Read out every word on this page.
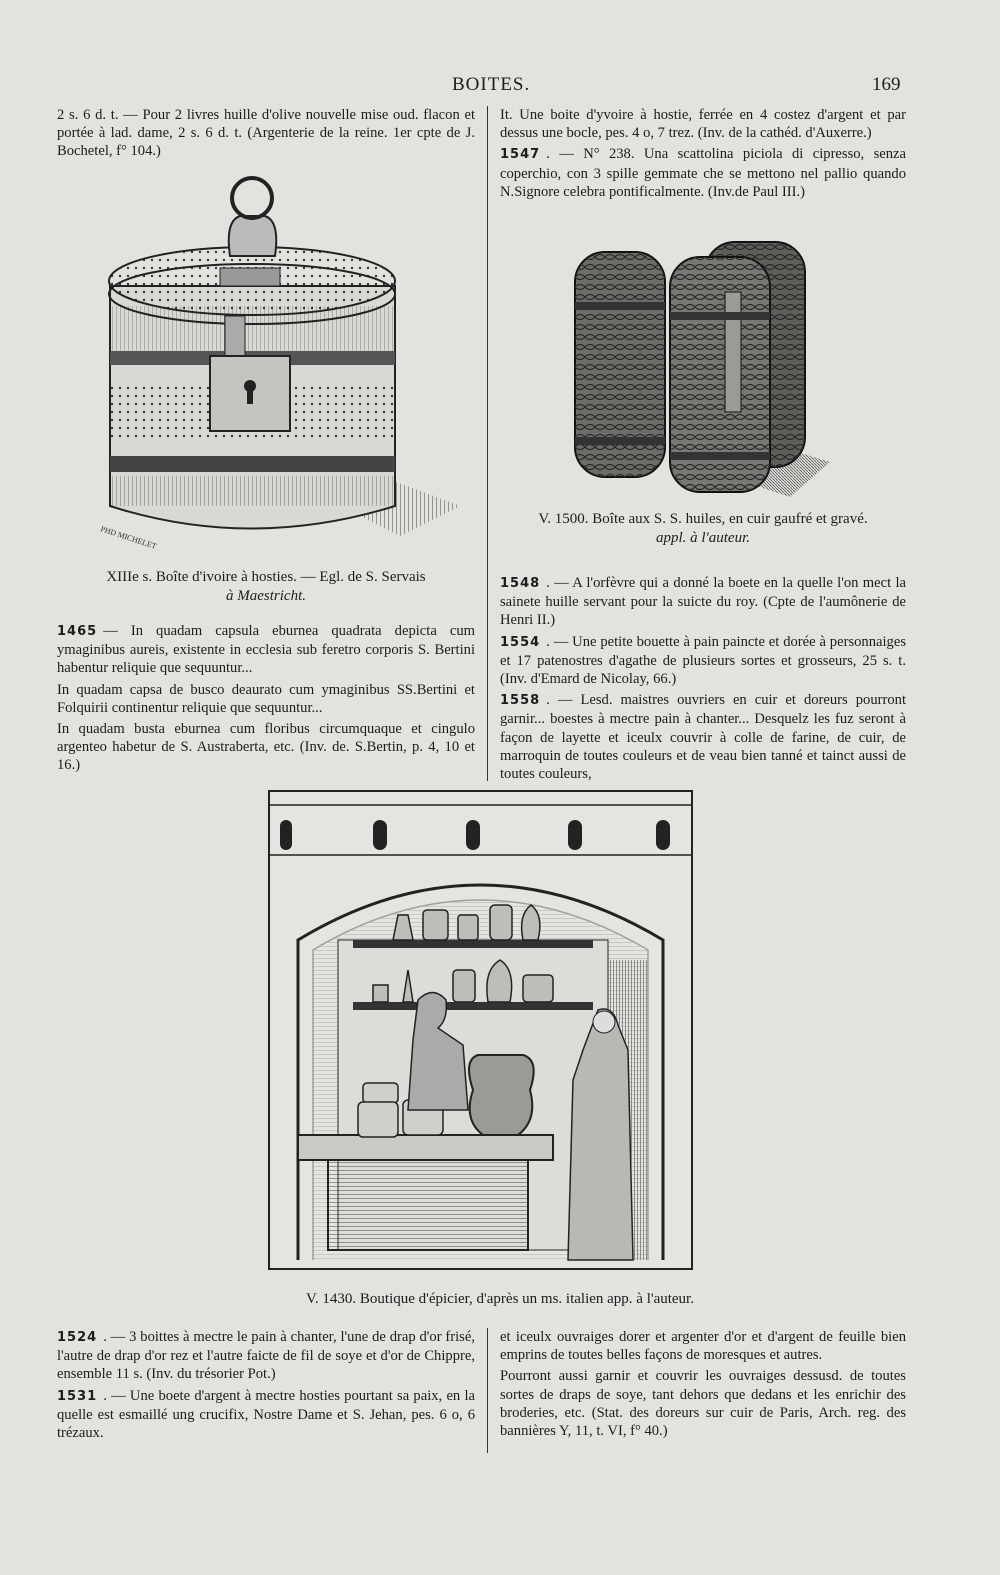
BOITES.	169

2 s. 6 d. t. — Pour 2 livres huille d'olive nouvelle mise oud. flacon et portée à lad. dame, 2 s. 6 d. t. (Argenterie de la reine. 1er cpte de J. Bochetel, f° 104.)

PHD MICHELET
XIIIe s. Boîte d'ivoire à hosties. — Egl. de S. Servais
à Maestricht.

1465 — In quadam capsula eburnea quadrata depicta cum ymaginibus aureis, existente in ecclesia sub feretro corporis S. Bertini habentur reliquie que sequuntur...

In quadam capsa de busco deaurato cum ymaginibus SS.Bertini et Folquirii continentur reliquie que sequuntur...

In quadam busta eburnea cum floribus circumquaque et cingulo argenteo habetur de S. Austraberta, etc. (Inv. de. S.Bertin, p. 4, 10 et 16.)

It. Une boite d'yvoire à hostie, ferrée en 4 costez d'argent et par dessus une bocle, pes. 4 o, 7 trez. (Inv. de la cathéd. d'Auxerre.)

1547 . — N° 238. Una scattolina piciola di cipresso, senza coperchio, con 3 spille gemmate che se mettono nel pallio quando N.Signore celebra pontificalmente. (Inv.de Paul III.)

V. 1500. Boîte aux S. S. huiles, en cuir gaufré et gravé.
appl. à l'auteur.

1548 . — A l'orfèvre qui a donné la boete en la quelle l'on mect la sainete huille servant pour la suicte du roy. (Cpte de l'aumônerie de Henri II.)

1554 . — Une petite bouette à pain paincte et dorée à personnaiges et 17 patenostres d'agathe de plusieurs sortes et grosseurs, 25 s. t. (Inv. d'Emard de Nicolay, 66.)

1558 . — Lesd. maistres ouvriers en cuir et doreurs pourront garnir... boestes à mectre pain à chanter... Desquelz les fuz seront à façon de layette et iceulx couvrir à colle de farine, de cuir, de marroquin de toutes couleurs et de veau bien tanné et tainct aussi de toutes couleurs,

V. 1430. Boutique d'épicier, d'après un ms. italien app. à l'auteur.

1524 . — 3 boittes à mectre le pain à chanter, l'une de drap d'or frisé, l'autre de drap d'or rez et l'autre faicte de fil de soye et d'or de Chippre, ensemble 11 s. (Inv. du trésorier Pot.)

1531 . — Une boete d'argent à mectre hosties pourtant sa paix, en la quelle est esmaillé ung crucifix, Nostre Dame et S. Jehan, pes. 6 o, 6 trézaux.

et iceulx ouvraiges dorer et argenter d'or et d'argent de feuille bien emprins de toutes belles façons de moresques et autres.

Pourront aussi garnir et couvrir les ouvraiges dessusd. de toutes sortes de draps de soye, tant dehors que dedans et les enrichir des broderies, etc. (Stat. des doreurs sur cuir de Paris, Arch. reg. des bannières Y, 11, t. VI, f° 40.)
